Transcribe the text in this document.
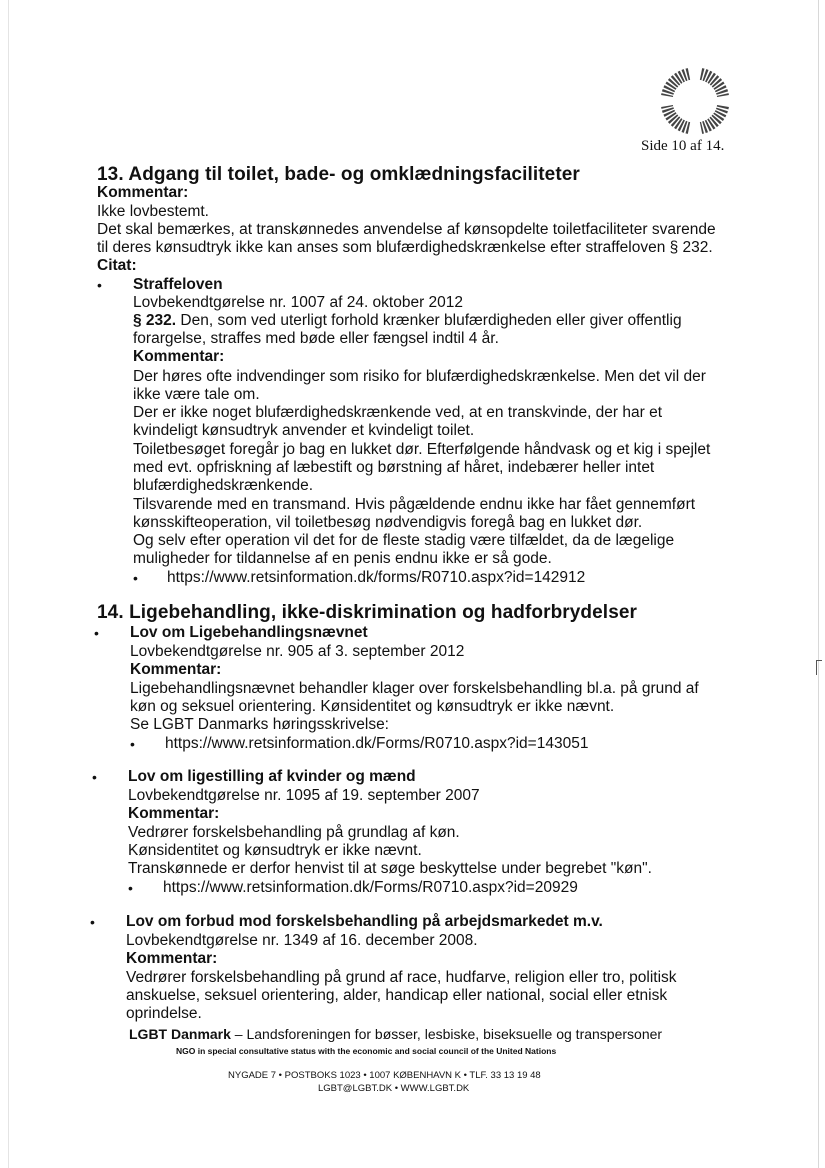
Side 10 af 14.
13. Adgang til toilet, bade- og omklædningsfaciliteter
Kommentar:
Ikke lovbestemt.
Det skal bemærkes, at transkønnedes anvendelse af kønsopdelte toiletfaciliteter svarende
til deres kønsudtryk ikke kan anses som blufærdighedskrænkelse efter straffeloven § 232.
Citat:
• Straffeloven
Lovbekendtgørelse nr. 1007 af 24. oktober 2012
§ 232. Den, som ved uterligt forhold krænker blufærdigheden eller giver offentlig
forargelse, straffes med bøde eller fængsel indtil 4 år.
Kommentar:
Der høres ofte indvendinger som risiko for blufærdighedskrænkelse. Men det vil der
ikke være tale om.
Der er ikke noget blufærdighedskrænkende ved, at en transkvinde, der har et
kvindeligt kønsudtryk anvender et kvindeligt toilet.
Toiletbesøget foregår jo bag en lukket dør. Efterfølgende håndvask og et kig i spejlet
med evt. opfriskning af læbestift og børstning af håret, indebærer heller intet
blufærdighedskrænkende.
Tilsvarende med en transmand. Hvis pågældende endnu ikke har fået gennemført
kønsskifteoperation, vil toiletbesøg nødvendigvis foregå bag en lukket dør.
Og selv efter operation vil det for de fleste stadig være tilfældet, da de lægelige
muligheder for tildannelse af en penis endnu ikke er så gode.
• https://www.retsinformation.dk/forms/R0710.aspx?id=142912
14. Ligebehandling, ikke-diskrimination og hadforbrydelser
• Lov om Ligebehandlingsnævnet
Lovbekendtgørelse nr. 905 af 3. september 2012
Kommentar:
Ligebehandlingsnævnet behandler klager over forskelsbehandling bl.a. på grund af
køn og seksuel orientering. Kønsidentitet og kønsudtryk er ikke nævnt.
Se LGBT Danmarks høringsskrivelse:
• https://www.retsinformation.dk/Forms/R0710.aspx?id=143051
• Lov om ligestilling af kvinder og mænd
Lovbekendtgørelse nr. 1095 af 19. september 2007
Kommentar:
Vedrører forskelsbehandling på grundlag af køn.
Kønsidentitet og kønsudtryk er ikke nævnt.
Transkønnede er derfor henvist til at søge beskyttelse under begrebet "køn".
• https://www.retsinformation.dk/Forms/R0710.aspx?id=20929
• Lov om forbud mod forskelsbehandling på arbejdsmarkedet m.v.
Lovbekendtgørelse nr. 1349 af 16. december 2008.
Kommentar:
Vedrører forskelsbehandling på grund af race, hudfarve, religion eller tro, politisk
anskuelse, seksuel orientering, alder, handicap eller national, social eller etnisk
oprindelse.
LGBT Danmark – Landsforeningen for bøsser, lesbiske, biseksuelle og transpersoner
NGO in special consultative status with the economic and social council of the United Nations
NYGADE 7 • POSTBOKS 1023 • 1007 KØBENHAVN K • TLF. 33 13 19 48
LGBT@LGBT.DK • WWW.LGBT.DK
